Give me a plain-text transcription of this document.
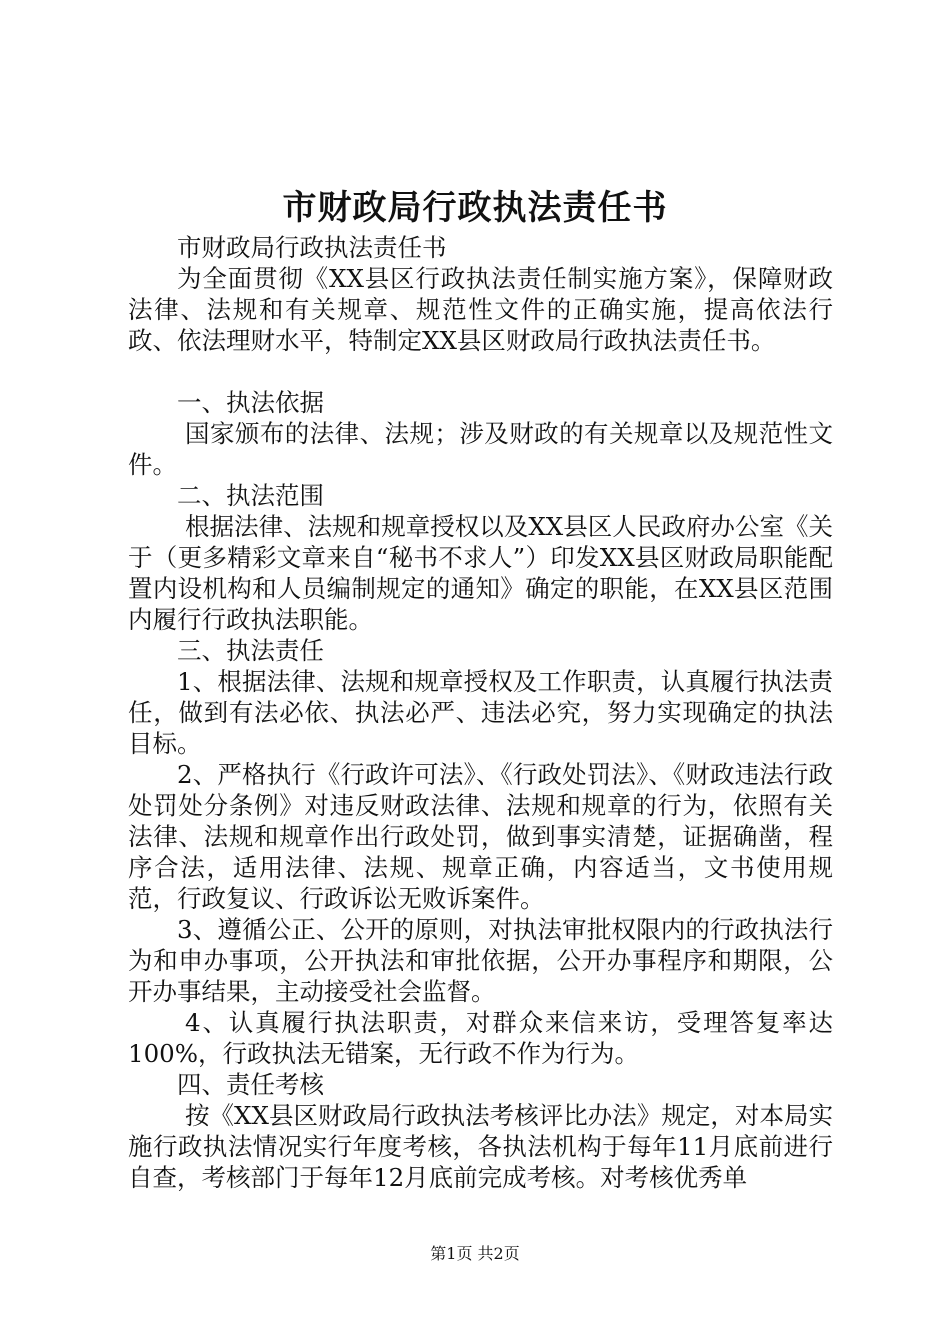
市财政局行政执法责任书

市财政局行政执法责任书

为全面贯彻《XX县区行政执法责任制实施方案》，保障财政法律、法规和有关规章、规范性文件的正确实施，提高依法行政、依法理财水平，特制定XX县区财政局行政执法责任书。

一、执法依据

国家颁布的法律、法规；涉及财政的有关规章以及规范性文件。

二、执法范围

根据法律、法规和规章授权以及XX县区人民政府办公室《关于（更多精彩文章来自“秘书不求人”）印发XX县区财政局职能配置内设机构和人员编制规定的通知》确定的职能，在XX县区范围内履行行政执法职能。

三、执法责任

1、根据法律、法规和规章授权及工作职责，认真履行执法责任，做到有法必依、执法必严、违法必究，努力实现确定的执法目标。

2、严格执行《行政许可法》、《行政处罚法》、《财政违法行政处罚处分条例》对违反财政法律、法规和规章的行为，依照有关法律、法规和规章作出行政处罚，做到事实清楚，证据确凿，程序合法，适用法律、法规、规章正确，内容适当，文书使用规范，行政复议、行政诉讼无败诉案件。

3、遵循公正、公开的原则，对执法审批权限内的行政执法行为和申办事项，公开执法和审批依据，公开办事程序和期限，公开办事结果，主动接受社会监督。

4、认真履行执法职责，对群众来信来访，受理答复率达100%，行政执法无错案，无行政不作为行为。

四、责任考核

按《XX县区财政局行政执法考核评比办法》规定，对本局实施行政执法情况实行年度考核，各执法机构于每年11月底前进行自查，考核部门于每年12月底前完成考核。对考核优秀单

第1页 共2页
